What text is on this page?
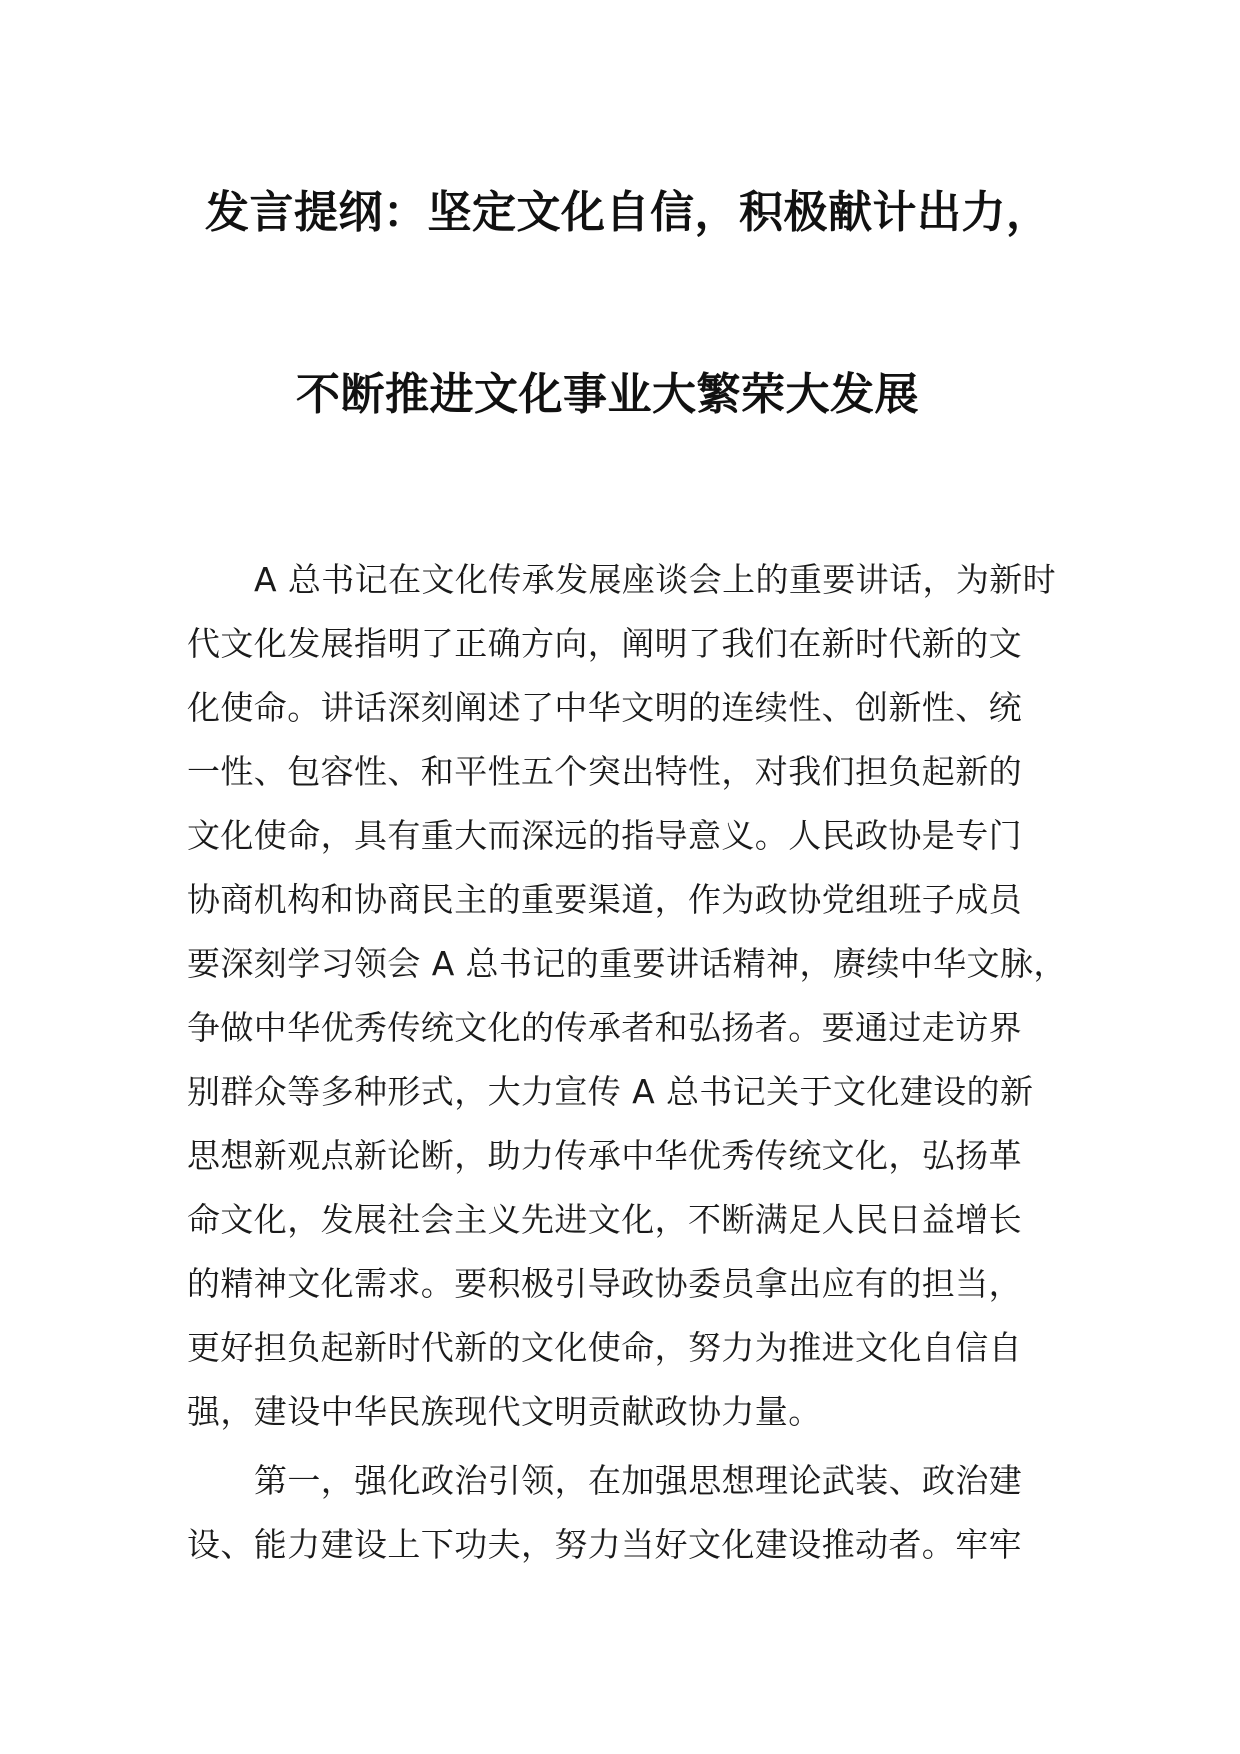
发言提纲：坚定文化自信，积极献计出力，
不断推进文化事业大繁荣大发展
A 总书记在文化传承发展座谈会上的重要讲话，为新时
代文化发展指明了正确方向，阐明了我们在新时代新的文
化使命。讲话深刻阐述了中华文明的连续性、创新性、统
一性、包容性、和平性五个突出特性，对我们担负起新的
文化使命，具有重大而深远的指导意义。人民政协是专门
协商机构和协商民主的重要渠道，作为政协党组班子成员
要深刻学习领会 A 总书记的重要讲话精神，赓续中华文脉，
争做中华优秀传统文化的传承者和弘扬者。要通过走访界
别群众等多种形式，大力宣传 A 总书记关于文化建设的新
思想新观点新论断，助力传承中华优秀传统文化，弘扬革
命文化，发展社会主义先进文化，不断满足人民日益增长
的精神文化需求。要积极引导政协委员拿出应有的担当，
更好担负起新时代新的文化使命，努力为推进文化自信自
强，建设中华民族现代文明贡献政协力量。
第一，强化政治引领，在加强思想理论武装、政治建
设、能力建设上下功夫，努力当好文化建设推动者。牢牢
